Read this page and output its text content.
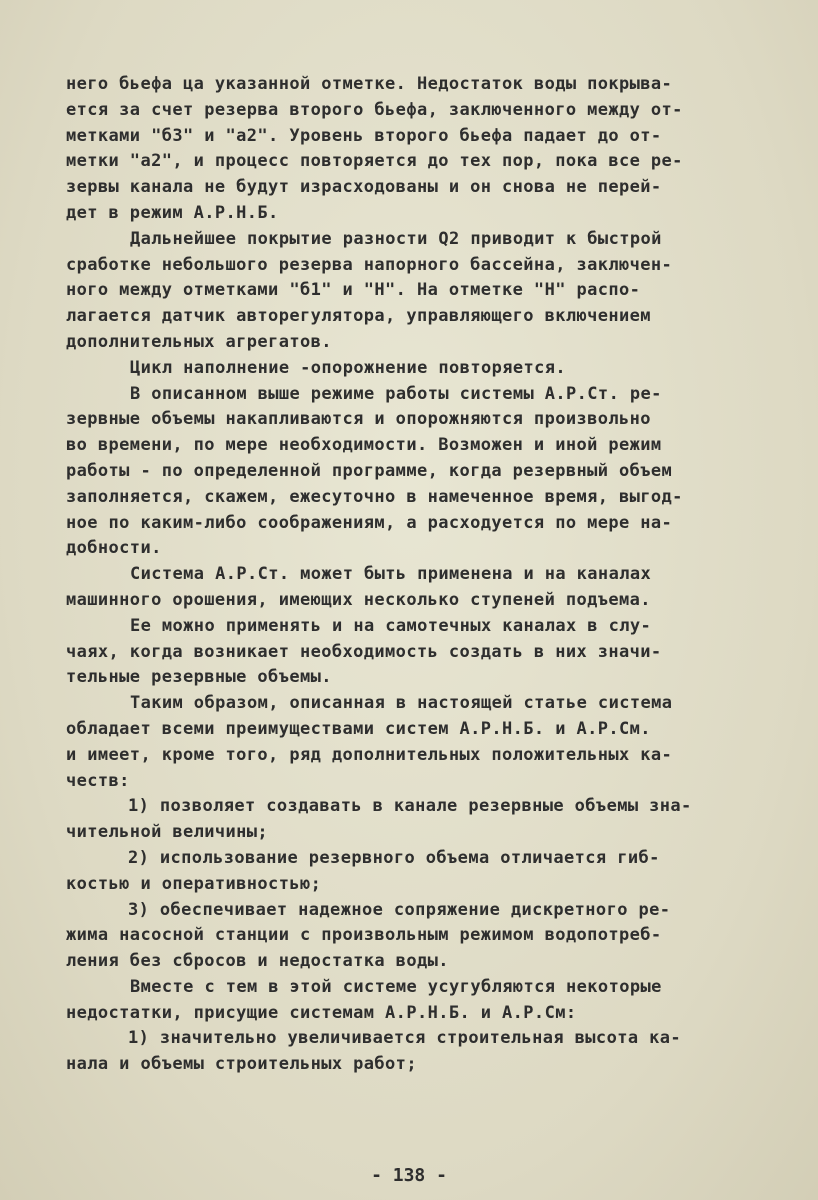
него бьефа ца указанной отметке. Недостаток воды покрыва-
ется за счет резерва второго бьефа, заключенного между от-
метками "б3" и "а2". Уровень второго бьефа падает до от-
метки "а2", и процесс повторяется до тех пор, пока все ре-
зервы канала не будут израсходованы и он снова не перей-
дет в режим А.Р.Н.Б.
Дальнейшее покрытие разности Q2 приводит к быстрой
сработке небольшого резерва напорного бассейна, заключен-
ного между отметками "б1" и "Н". На отметке "Н" распо-
лагается датчик авторегулятора, управляющего включением
дополнительных агрегатов.
Цикл наполнение -опорожнение повторяется.
В описанном выше режиме работы системы А.Р.Ст. ре-
зервные объемы накапливаются и опорожняются произвольно
во времени, по мере необходимости. Возможен и иной режим
работы - по определенной программе, когда резервный объем
заполняется, скажем, ежесуточно в намеченное время, выгод-
ное по каким-либо соображениям, а расходуется по мере на-
добности.
Система А.Р.Ст. может быть применена и на каналах
машинного орошения, имеющих несколько ступеней подъема.
Ее можно применять и на самотечных каналах в слу-
чаях, когда возникает необходимость создать в них значи-
тельные резервные объемы.
Таким образом, описанная в настоящей статье система
обладает всеми преимуществами систем А.Р.Н.Б. и А.Р.См.
и имеет, кроме того, ряд дополнительных положительных ка-
честв:
1) позволяет создавать в канале резервные объемы зна-
чительной величины;
2) использование резервного объема отличается гиб-
костью и оперативностью;
3) обеспечивает надежное сопряжение дискретного ре-
жима насосной станции с произвольным режимом водопотреб-
ления без сбросов и недостатка воды.
Вместе с тем в этой системе усугубляются некоторые
недостатки, присущие системам А.Р.Н.Б. и А.Р.См:
1) значительно увеличивается строительная высота ка-
нала и объемы строительных работ;
- 138 -
